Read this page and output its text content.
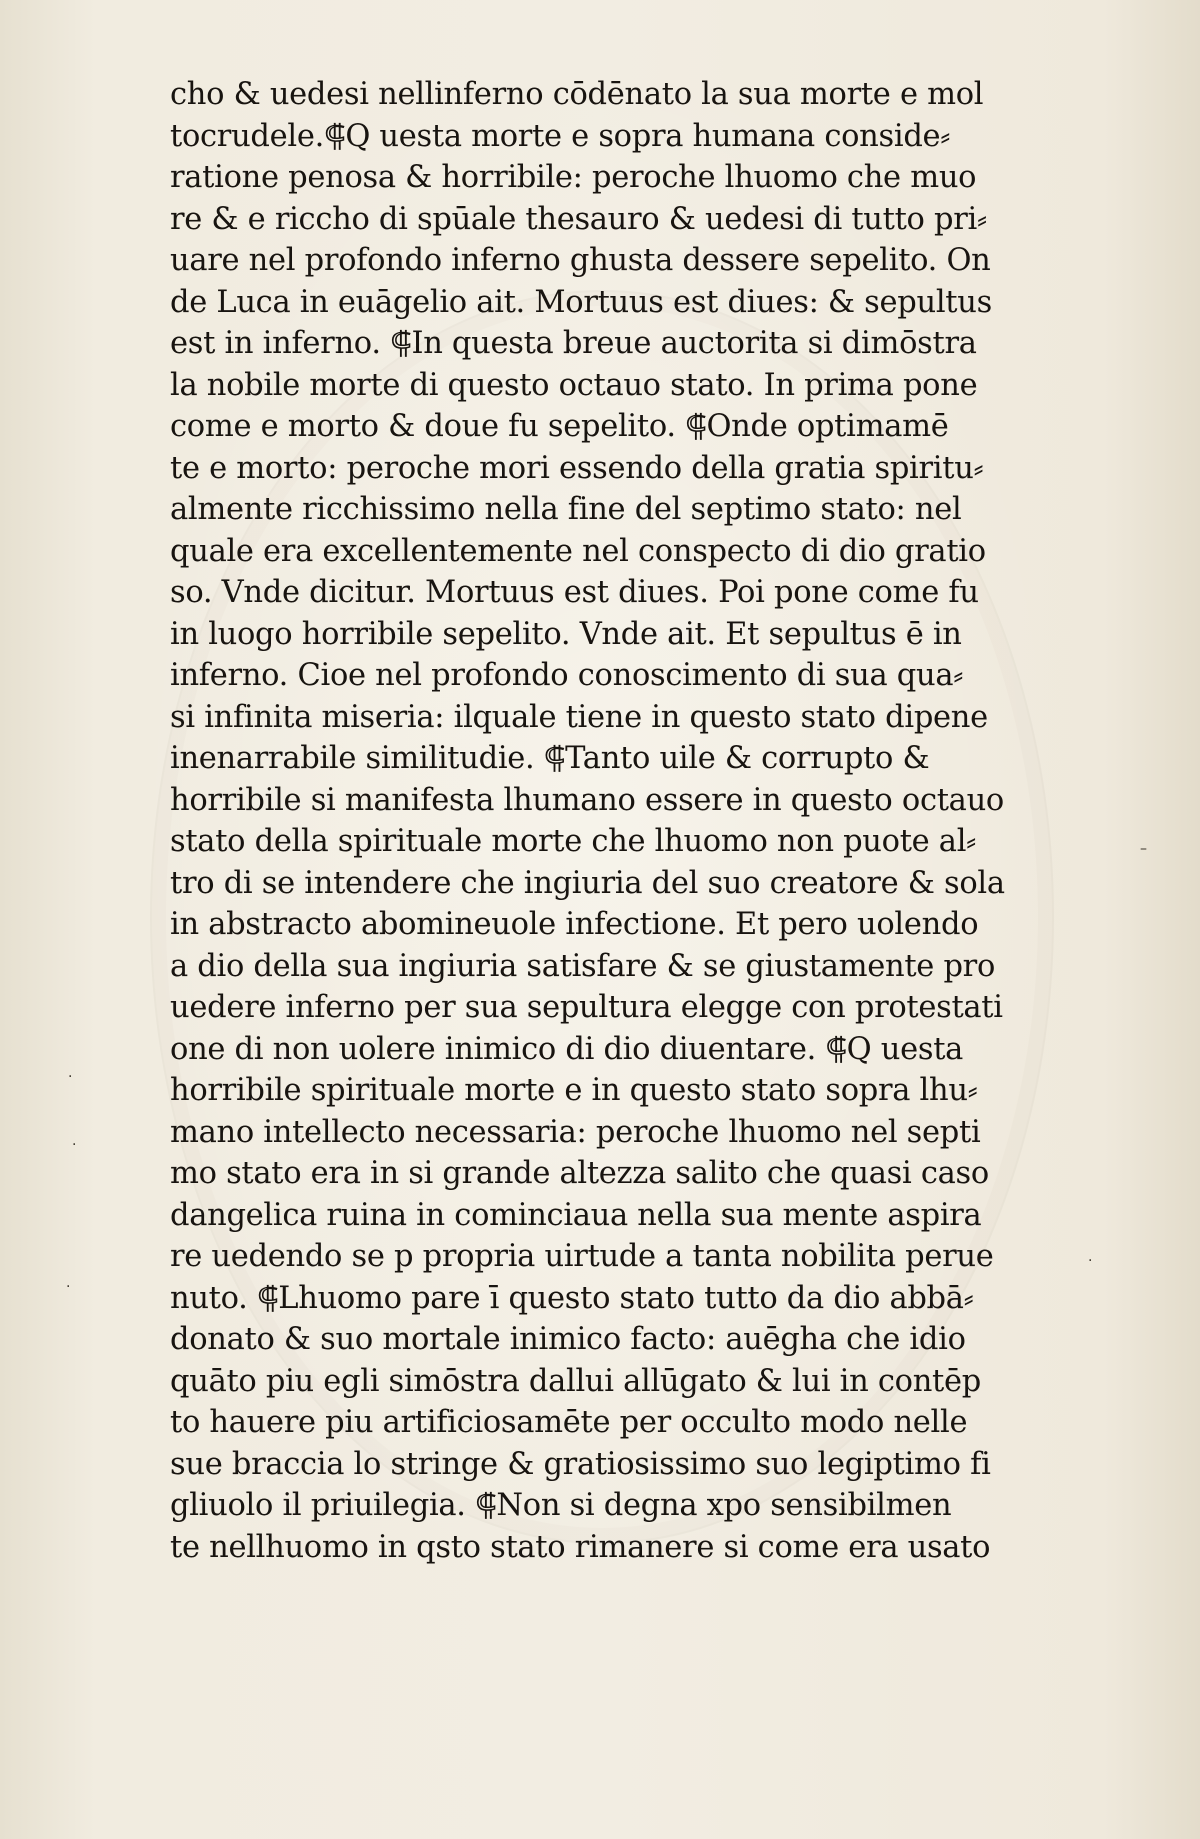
cho & uedesi nellinferno cōdēnato la sua morte e mol
tocrudele.⸿Q uesta morte e sopra humana conside⸗
ratione penosa & horribile: peroche lhuomo che muo
re & e riccho di spūale thesauro & uedesi di tutto pri⸗
uare nel profondo inferno ghusta dessere sepelito. On
de Luca in euāgelio ait. Mortuus est diues: & sepultus
est in inferno. ⸿In questa breue auctorita si dimōstra
la nobile morte di questo octauo stato. In prima pone
come e morto & doue fu sepelito. ⸿Onde optimamē
te e morto: peroche mori essendo della gratia spiritu⸗
almente ricchissimo nella fine del septimo stato: nel
quale era excellentemente nel conspecto di dio gratio
so. Vnde dicitur. Mortuus est diues. Poi pone come fu
in luogo horribile sepelito. Vnde ait. Et sepultus ē in
inferno. Cioe nel profondo conoscimento di sua qua⸗
si infinita miseria: ilquale tiene in questo stato dipene
inenarrabile similitudie. ⸿Tanto uile & corrupto &
horribile si manifesta lhumano essere in questo octauo
stato della spirituale morte che lhuomo non puote al⸗
tro di se intendere che ingiuria del suo creatore & sola
in abstracto abomineuole infectione. Et pero uolendo
a dio della sua ingiuria satisfare & se giustamente pro
uedere inferno per sua sepultura elegge con protestati
one di non uolere inimico di dio diuentare. ⸿Q uesta
horribile spirituale morte e in questo stato sopra lhu⸗
mano intellecto necessaria: peroche lhuomo nel septi
mo stato era in si grande altezza salito che quasi caso
dangelica ruina in cominciaua nella sua mente aspira
re uedendo se p propria uirtude a tanta nobilita perue
nuto. ⸿Lhuomo pare ī questo stato tutto da dio abbā⸗
donato & suo mortale inimico facto: auēgha che idio
quāto piu egli simōstra dallui allūgato & lui in contēp
to hauere piu artificiosamēte per occulto modo nelle
sue braccia lo stringe & gratiosissimo suo legiptimo fi
gliuolo il priuilegia. ⸿Non si degna xpo sensibilmen
te nellhuomo in qsto stato rimanere si come era usato
·
·
·
·
–
